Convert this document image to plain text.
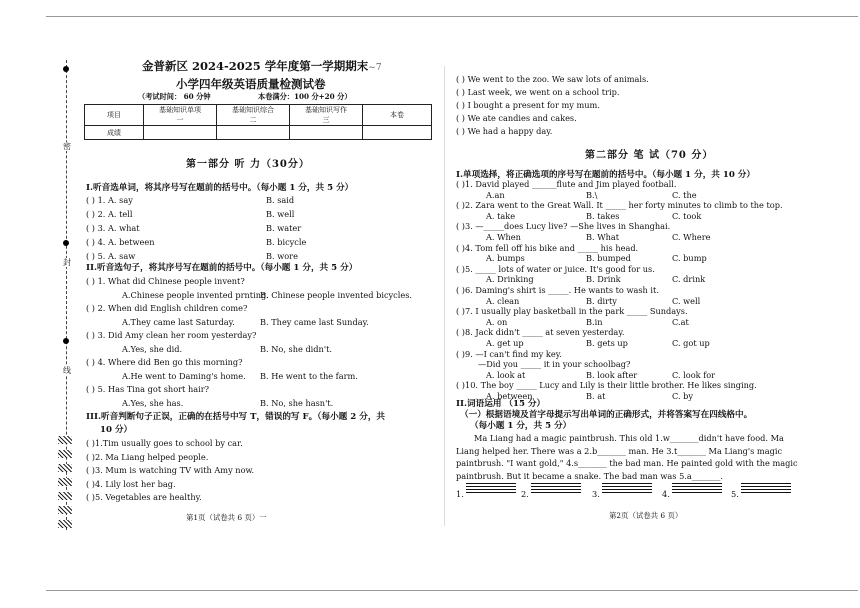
密
封
线
金普新区 2024-2025 学年度第一学期期末~7
小学四年级英语质量检测试卷
（考试时间： 60 分钟	本卷满分：100 分+20 分）
项目	基础知识单项	基础知识综合	基础知识写作	本卷
	一	二	三	
成绩				
第一部分 听 力（30分）
I.听音选单词，将其序号写在题前的括号中。（每小题 1 分，共 5 分）
( ) 1. A. say	B. said
( ) 2. A. tell	B. well
( ) 3. A. what	B. water
( ) 4. A. between	B. bicycle
( ) 5. A. saw	B. wore
II.听音选句子，将其序号写在题前的括号中。（每小题 1 分，共 5 分）
( ) 1. What did Chinese people invent?
A.Chinese people invented prnting.
B. Chinese people invented bicycles.
( ) 2. When did English children come?
A.They came last Saturday.	B. They came last Sunday.
( ) 3. Did Amy clean her room yesterday?
A.Yes, she did.	B. No, she didn't.
( ) 4. Where did Ben go this morning?
A.He went to Daming's home. B. He went to the farm.
( ) 5. Has Tina got short hair?
A.Yes, she has.	B. No, she hasn't.
III.听音判断句子正误，正确的在括号中写 T，错误的写 F。（每小题 2 分，共
10 分）
( )1.Tim usually goes to school by car.
( )2. Ma Liang helped people.
( )3. Mum is watching TV with Amy now.
( )4. Lily lost her bag.
( )5. Vegetables are healthy.
第1页（试卷共 6 页）一
( ) We went to the zoo. We saw lots of animals.
( ) Last week, we went on a school trip.
( ) I bought a present for my mum.
( ) We ate candies and cakes.
( ) We had a happy day.
第二部分 笔 试（70 分）
I.单项选择，将正确选项的序号写在题前的括号中。（每小题 1 分，共 10 分）
( )1. David played ______flute and Jim played football.
A.an	B.\	C. the
( )2. Zara went to the Great Wall. It _____ her forty minutes to climb to the top.
A. take	B. takes	C. took
( )3. —_____does Lucy live? —She lives in Shanghai.
A. When	B. What	C. Where
( )4. Tom fell off his bike and _____ his head.
A. bumps	B. bumped	C. bump
( )5. _____ lots of water or juice. It's good for us.
A. Drinking	B. Drink	C. drink
( )6. Daming's shirt is _____. He wants to wash it.
A. clean	B. dirty	C. well
( )7. I usually play basketball in the park _____ Sundays.
A. on	B.in	C.at
( )8. Jack didn't _____ at seven yesterday.
A. get up	B. gets up	C. got up
( )9. —I can't find my key.
—Did you _____ it in your schoolbag?
A. look at	B. look after	C. look for
( )10. The boy _____ Lucy and Lily is their little brother. He likes singing.
A. between	B. at	C. by
II.词语运用 （15 分）
（一）根据语境及首字母提示写出单词的正确形式，并将答案写在四线格中。
（每小题 1 分，共 5 分）
Ma Liang had a magic paintbrush. This old 1.w_______didn't have food. Ma
Liang helped her. There was a 2.b_______ man. He 3.t_______ Ma Liang's magic
paintbrush. "I want gold," 4.s_______ the bad man. He painted gold with the magic
paintbrush. But it became a snake. The bad man was 5.a_______.
1.	2.	3.	4.	5.
第2页（试卷共 6 页）
